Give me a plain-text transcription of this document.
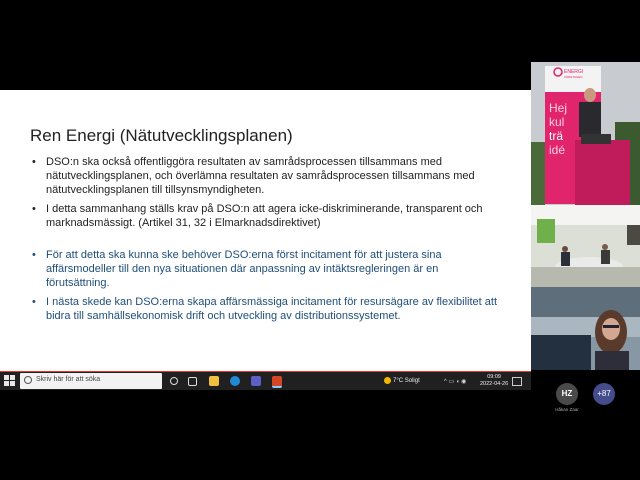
Ren Energi (Nätutvecklingsplanen)
• DSO:n ska också offentliggöra resultaten av samrådsprocessen tillsammans med nätutvecklingsplanen, och överlämna resultaten av samrådsprocessen tillsammans med nätutvecklingsplanen till tillsynsmyndigheten.
• I detta sammanhang ställs krav på DSO:n att agera icke-diskriminerande, transparent och marknadsmässigt. (Artikel 31, 32 i Elmarknadsdirektivet)
• För att detta ska kunna ske behöver DSO:erna först incitament för att justera sina affärsmodeller till den nya situationen där anpassning av intäktsregleringen är en förutsättning.
• I nästa skede kan DSO:erna skapa affärsmässiga incitament för resursägare av flexibilitet att bidra till samhällsekonomisk drift och utveckling av distributionssystemet.
Skriv här för att söka	7°C Soligt	^ ▭ ◖ ◉
09:09
2022-04-26
ENERGI
FÖRETAGEN
Hej
kul
trä
idé
HZ
Håkan Zaar
+87
